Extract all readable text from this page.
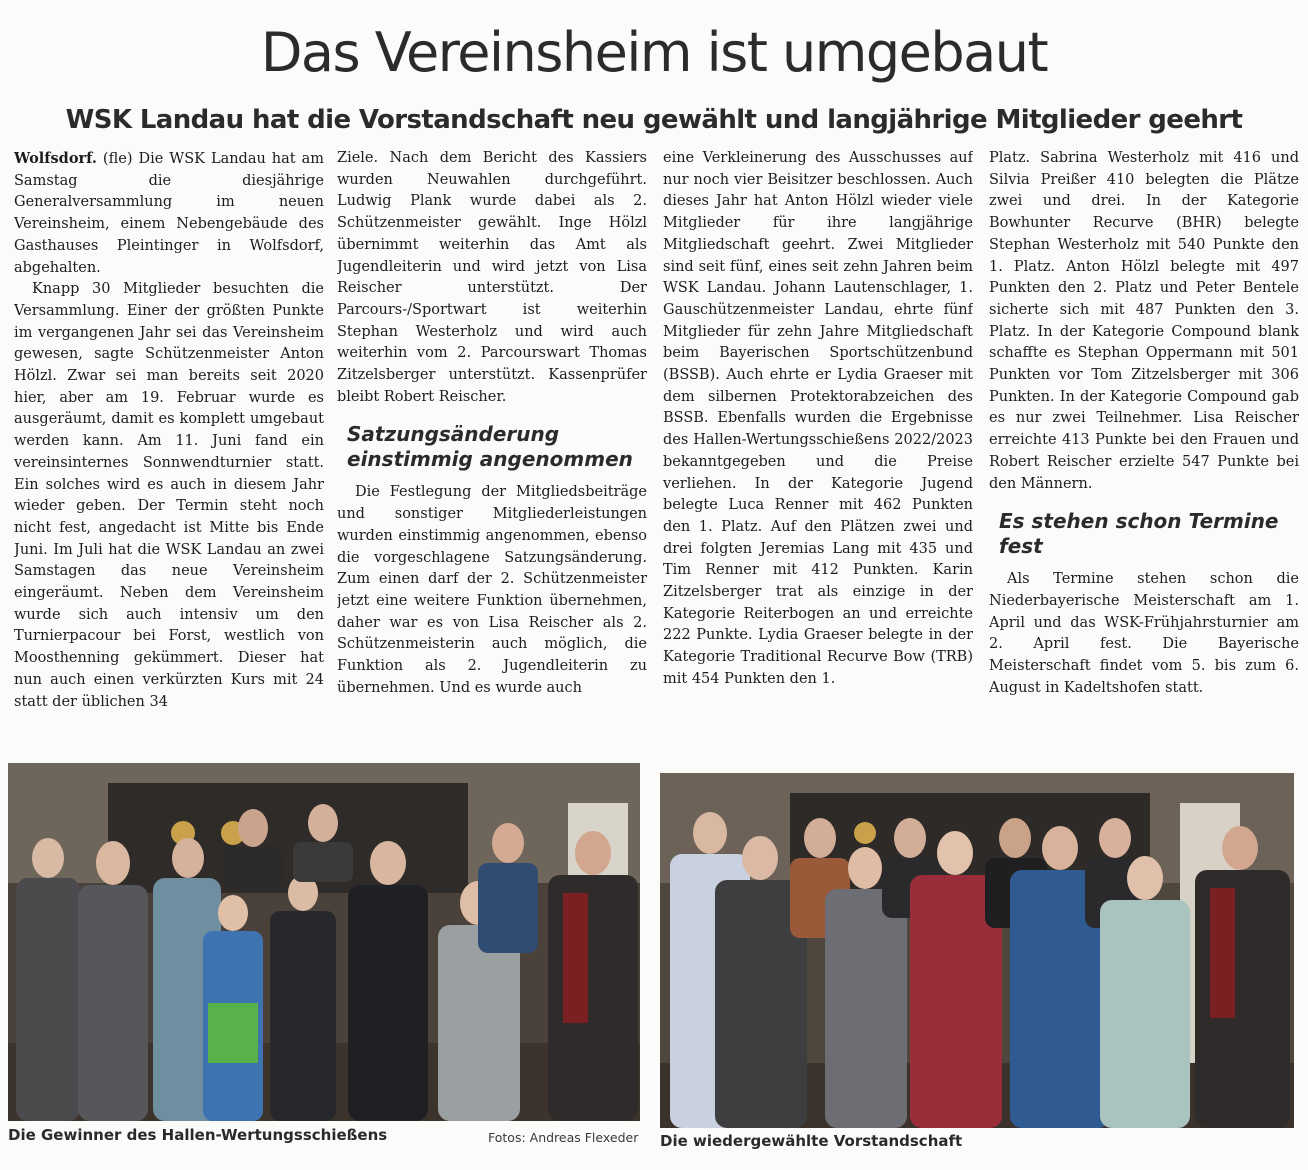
Das Vereinsheim ist umgebaut
WSK Landau hat die Vorstandschaft neu gewählt und langjährige Mitglieder geehrt

Wolfsdorf. (fle) Die WSK Landau hat am Samstag die diesjährige Generalversammlung im neuen Vereinsheim, einem Nebengebäude des Gasthauses Pleintinger in Wolfsdorf, abgehalten.

Knapp 30 Mitglieder besuchten die Versammlung. Einer der größten Punkte im vergangenen Jahr sei das Vereinsheim gewesen, sagte Schützenmeister Anton Hölzl. Zwar sei man bereits seit 2020 hier, aber am 19. Februar wurde es ausgeräumt, damit es komplett umgebaut werden kann. Am 11. Juni fand ein vereinsinternes Sonnwendturnier statt. Ein solches wird es auch in diesem Jahr wieder geben. Der Termin steht noch nicht fest, angedacht ist Mitte bis Ende Juni. Im Juli hat die WSK Landau an zwei Samstagen das neue Vereinsheim eingeräumt. Neben dem Vereinsheim wurde sich auch intensiv um den Turnierpacour bei Forst, westlich von Moosthenning gekümmert. Dieser hat nun auch einen verkürzten Kurs mit 24 statt der üblichen 34

Ziele. Nach dem Bericht des Kassiers wurden Neuwahlen durchgeführt. Ludwig Plank wurde dabei als 2. Schützenmeister gewählt. Inge Hölzl übernimmt weiterhin das Amt als Jugendleiterin und wird jetzt von Lisa Reischer unterstützt. Der Parcours-/Sportwart ist weiterhin Stephan Westerholz und wird auch weiterhin vom 2. Parcourswart Thomas Zitzelsberger unterstützt. Kassenprüfer bleibt Robert Reischer.

Satzungsänderung einstimmig angenommen

Die Festlegung der Mitgliedsbeiträge und sonstiger Mitgliederleistungen wurden einstimmig angenommen, ebenso die vorgeschlagene Satzungsänderung. Zum einen darf der 2. Schützenmeister jetzt eine weitere Funktion übernehmen, daher war es von Lisa Reischer als 2. Schützenmeisterin auch möglich, die Funktion als 2. Jugendleiterin zu übernehmen. Und es wurde auch

eine Verkleinerung des Ausschusses auf nur noch vier Beisitzer beschlossen. Auch dieses Jahr hat Anton Hölzl wieder viele Mitglieder für ihre langjährige Mitgliedschaft geehrt. Zwei Mitglieder sind seit fünf, eines seit zehn Jahren beim WSK Landau. Johann Lautenschlager, 1. Gauschützenmeister Landau, ehrte fünf Mitglieder für zehn Jahre Mitgliedschaft beim Bayerischen Sportschützenbund (BSSB). Auch ehrte er Lydia Graeser mit dem silbernen Protektorabzeichen des BSSB. Ebenfalls wurden die Ergebnisse des Hallen-Wertungsschießens 2022/2023 bekanntgegeben und die Preise verliehen. In der Kategorie Jugend belegte Luca Renner mit 462 Punkten den 1. Platz. Auf den Plätzen zwei und drei folgten Jeremias Lang mit 435 und Tim Renner mit 412 Punkten. Karin Zitzelsberger trat als einzige in der Kategorie Reiterbogen an und erreichte 222 Punkte. Lydia Graeser belegte in der Kategorie Traditional Recurve Bow (TRB) mit 454 Punkten den 1.

Platz. Sabrina Westerholz mit 416 und Silvia Preißer 410 belegten die Plätze zwei und drei. In der Kategorie Bowhunter Recurve (BHR) belegte Stephan Westerholz mit 540 Punkte den 1. Platz. Anton Hölzl belegte mit 497 Punkten den 2. Platz und Peter Bentele sicherte sich mit 487 Punkten den 3. Platz. In der Kategorie Compound blank schaffte es Stephan Oppermann mit 501 Punkten vor Tom Zitzelsberger mit 306 Punkten. In der Kategorie Compound gab es nur zwei Teilnehmer. Lisa Reischer erreichte 413 Punkte bei den Frauen und Robert Reischer erzielte 547 Punkte bei den Männern.

Es stehen schon Termine fest

Als Termine stehen schon die Niederbayerische Meisterschaft am 1. April und das WSK-Frühjahrsturnier am 2. April fest. Die Bayerische Meisterschaft findet vom 5. bis zum 6. August in Kadeltshofen statt.

Die Gewinner des Hallen-Wertungsschießens	Fotos: Andreas Flexeder Die wiedergewählte Vorstandschaft
